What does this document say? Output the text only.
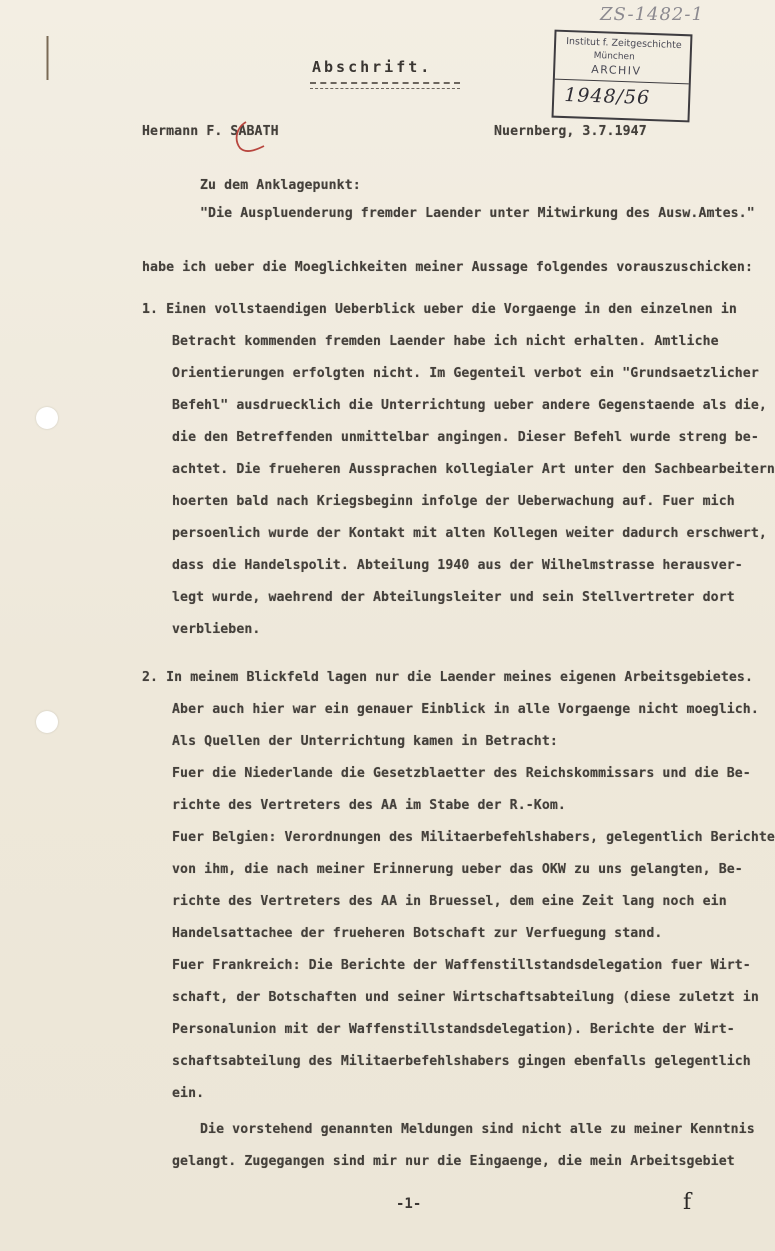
ZS-1482-1
Institut f. Zeitgeschichte
München
ARCHIV
1948/56
Abschrift.
Hermann F. SABATH	Nuernberg, 3.7.1947
Zu dem Anklagepunkt:
"Die Auspluenderung fremder Laender unter Mitwirkung des Ausw.Amtes."
habe ich ueber die Moeglichkeiten meiner Aussage folgendes vorauszuschicken:
1. Einen vollstaendigen Ueberblick ueber die Vorgaenge in den einzelnen in
Betracht kommenden fremden Laender habe ich nicht erhalten. Amtliche
Orientierungen erfolgten nicht. Im Gegenteil verbot ein "Grundsaetzlicher
Befehl" ausdruecklich die Unterrichtung ueber andere Gegenstaende als die,
die den Betreffenden unmittelbar angingen. Dieser Befehl wurde streng be-
achtet. Die frueheren Aussprachen kollegialer Art unter den Sachbearbeitern
hoerten bald nach Kriegsbeginn infolge der Ueberwachung auf. Fuer mich
persoenlich wurde der Kontakt mit alten Kollegen weiter dadurch erschwert,
dass die Handelspolit. Abteilung 1940 aus der Wilhelmstrasse herausver-
legt wurde, waehrend der Abteilungsleiter und sein Stellvertreter dort
verblieben.
2. In meinem Blickfeld lagen nur die Laender meines eigenen Arbeitsgebietes.
Aber auch hier war ein genauer Einblick in alle Vorgaenge nicht moeglich.
Als Quellen der Unterrichtung kamen in Betracht:
Fuer die Niederlande die Gesetzblaetter des Reichskommissars und die Be-
richte des Vertreters des AA im Stabe der R.-Kom.
Fuer Belgien: Verordnungen des Militaerbefehlshabers, gelegentlich Berichte
von ihm, die nach meiner Erinnerung ueber das OKW zu uns gelangten, Be-
richte des Vertreters des AA in Bruessel, dem eine Zeit lang noch ein
Handelsattachee der frueheren Botschaft zur Verfuegung stand.
Fuer Frankreich: Die Berichte der Waffenstillstandsdelegation fuer Wirt-
schaft, der Botschaften und seiner Wirtschaftsabteilung (diese zuletzt in
Personalunion mit der Waffenstillstandsdelegation). Berichte der Wirt-
schaftsabteilung des Militaerbefehlshabers gingen ebenfalls gelegentlich
ein.
Die vorstehend genannten Meldungen sind nicht alle zu meiner Kenntnis
gelangt. Zugegangen sind mir nur die Eingaenge, die mein Arbeitsgebiet
-1-	f
